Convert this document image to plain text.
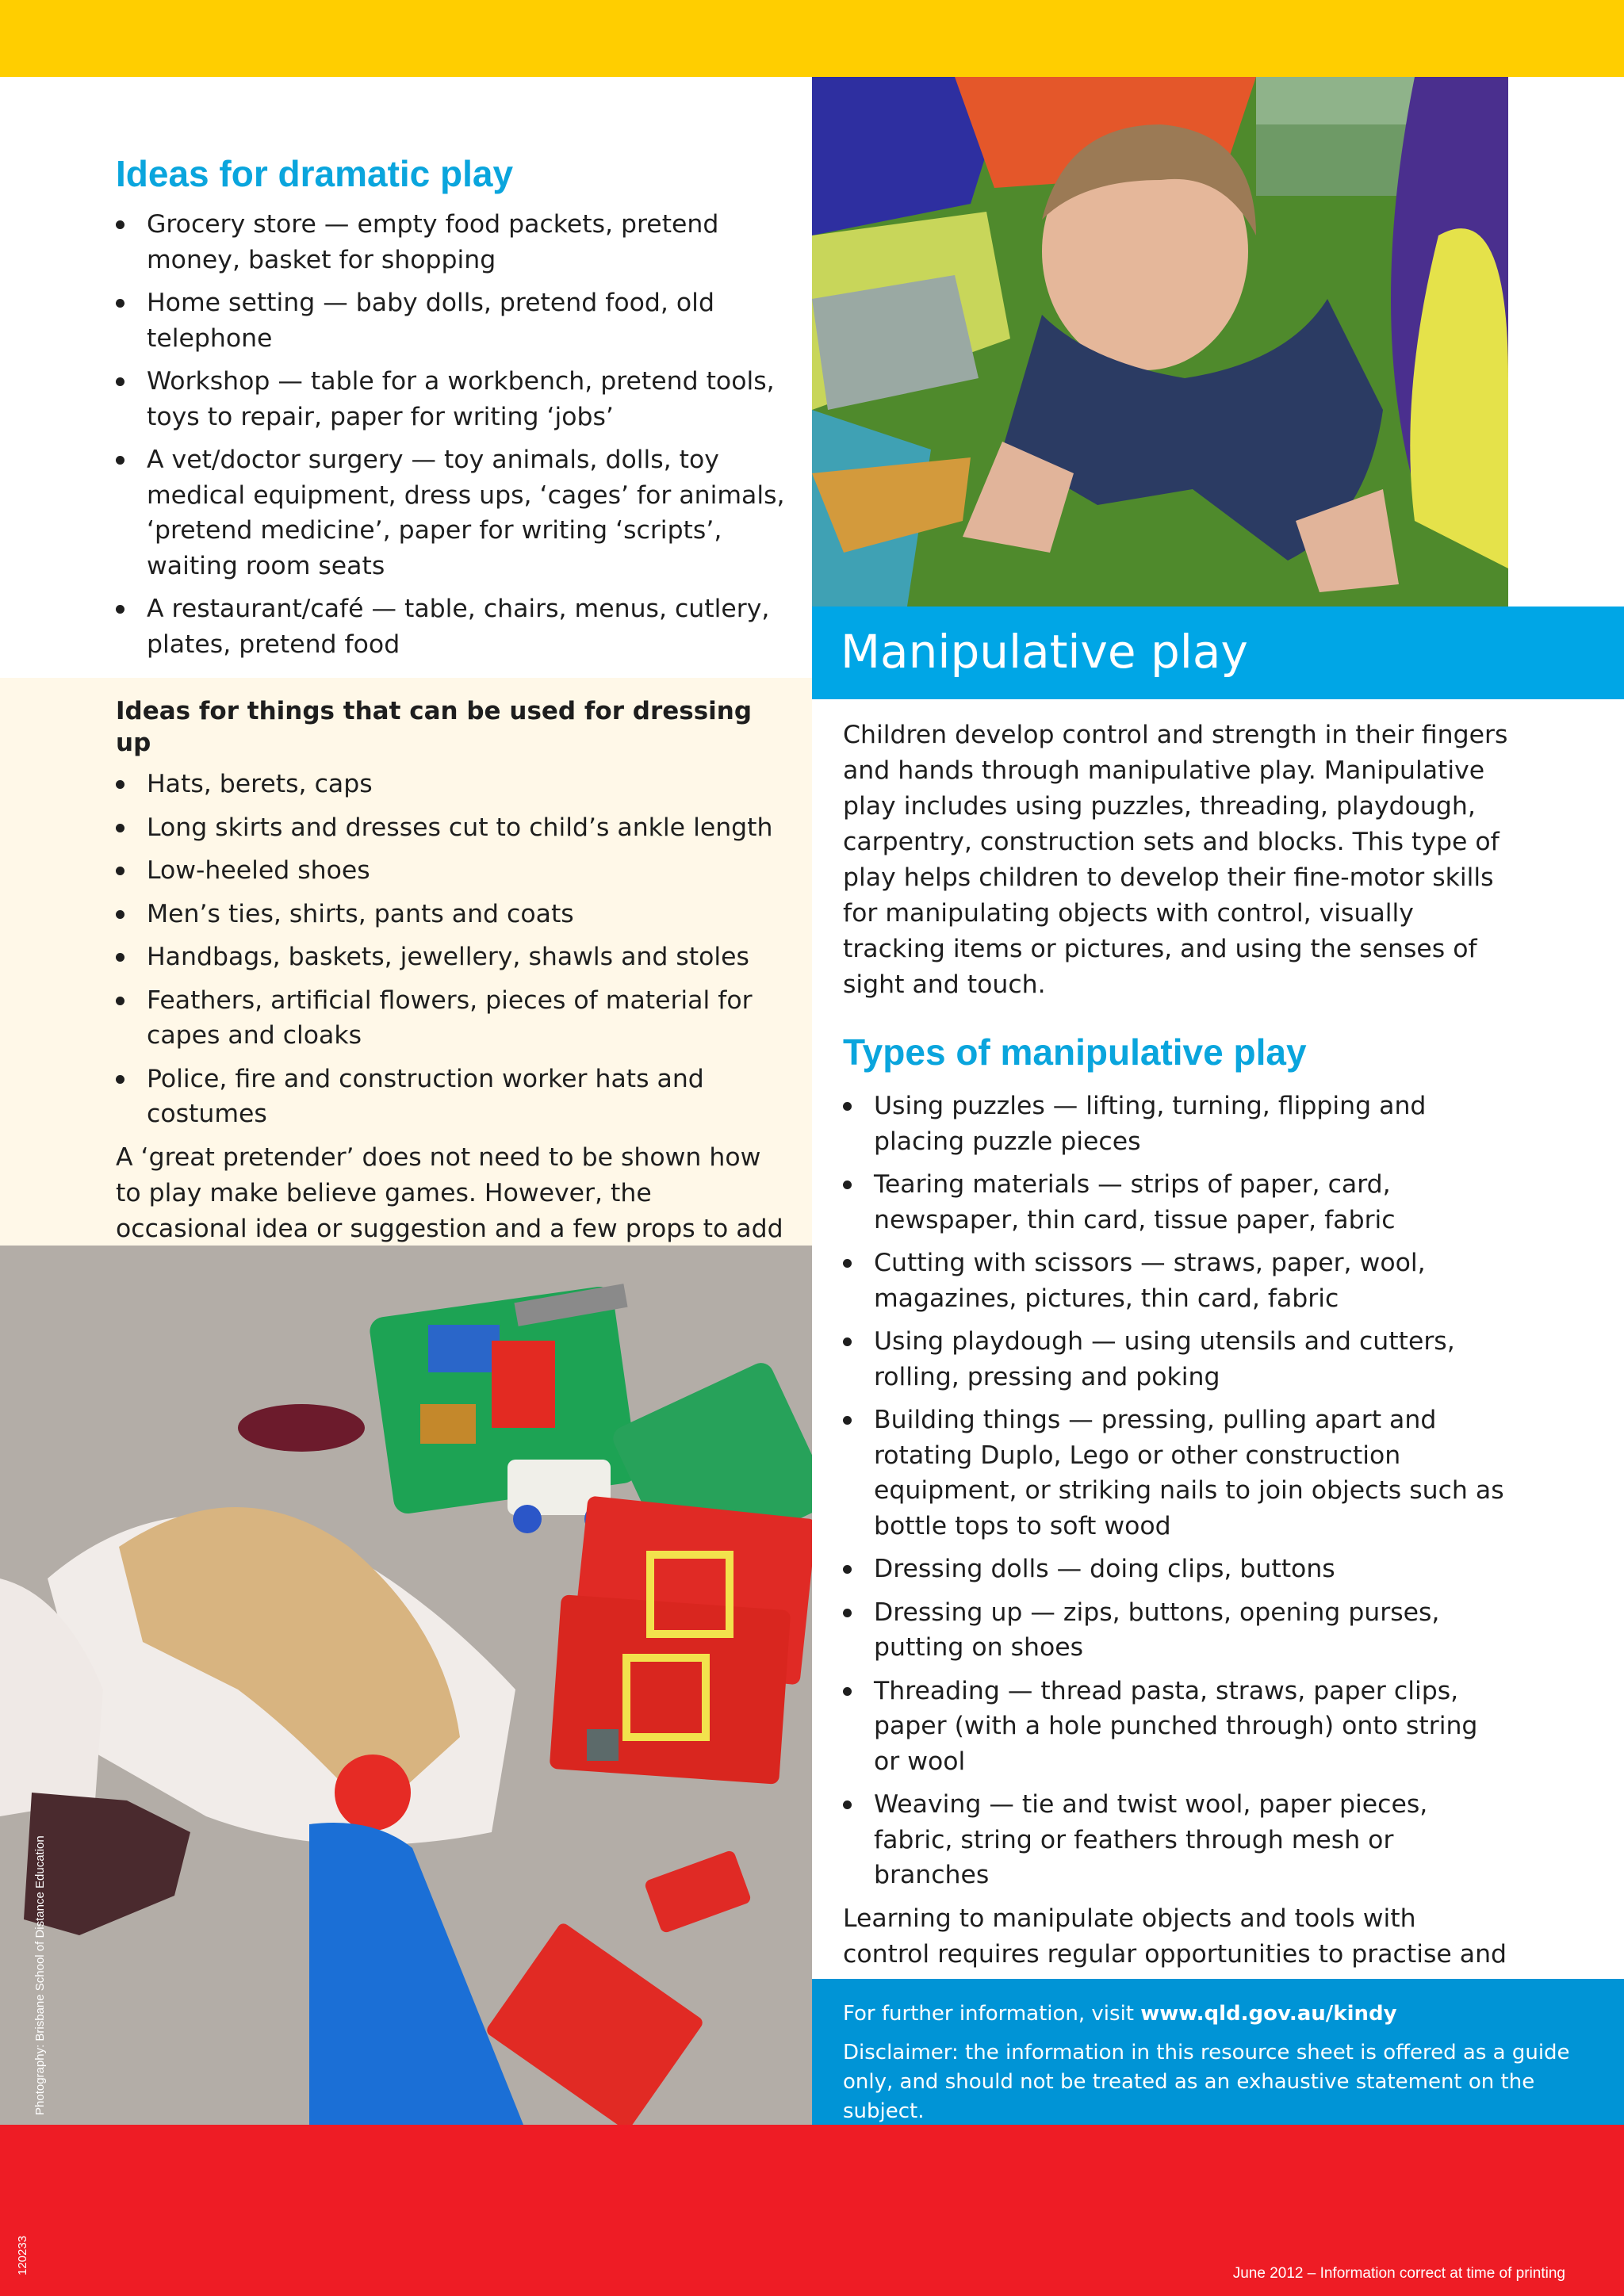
Ideas for dramatic play
Grocery store — empty food packets, pretend money, basket for shopping
Home setting — baby dolls, pretend food, old telephone
Workshop — table for a workbench, pretend tools, toys to repair, paper for writing ‘jobs’
A vet/doctor surgery — toy animals, dolls, toy medical equipment, dress ups, ‘cages’ for animals, ‘pretend medicine’, paper for writing ‘scripts’, waiting room seats
A restaurant/café — table, chairs, menus, cutlery, plates, pretend food
Ideas for things that can be used for dressing up
Hats, berets, caps
Long skirts and dresses cut to child’s ankle length
Low-heeled shoes
Men’s ties, shirts, pants and coats
Handbags, baskets, jewellery, shawls and stoles
Feathers, artificial flowers, pieces of material for capes and cloaks
Police, fire and construction worker hats and costumes

A ‘great pretender’ does not need to be shown how to play make believe games. However, the occasional idea or suggestion and a few props to add

Manipulative play

Children develop control and strength in their fingers and hands through manipulative play. Manipulative play includes using puzzles, threading, playdough, carpentry, construction sets and blocks. This type of play helps children to develop their fine-motor skills for manipulating objects with control, visually tracking items or pictures, and using the senses of sight and touch.

Types of manipulative play
Using puzzles — lifting, turning, flipping and placing puzzle pieces
Tearing materials — strips of paper, card, newspaper, thin card, tissue paper, fabric
Cutting with scissors — straws, paper, wool, magazines, pictures, thin card, fabric
Using playdough — using utensils and cutters, rolling, pressing and poking
Building things — pressing, pulling apart and rotating Duplo, Lego or other construction equipment, or striking nails to join objects such as bottle tops to soft wood
Dressing dolls — doing clips, buttons
Dressing up — zips, buttons, opening purses, putting on shoes
Threading — thread pasta, straws, paper clips, paper (with a hole punched through) onto string or wool
Weaving — tie and twist wool, paper pieces, fabric, string or feathers through mesh or branches

Learning to manipulate objects and tools with control requires regular opportunities to practise and

Photography: Brisbane School of Distance Education	For further information, visit www.qld.gov.au/kindy
Disclaimer: the information in this resource sheet is offered as a guide only, and should not be treated as an exhaustive statement on the subject.
120233	June 2012 – Information correct at time of printing
